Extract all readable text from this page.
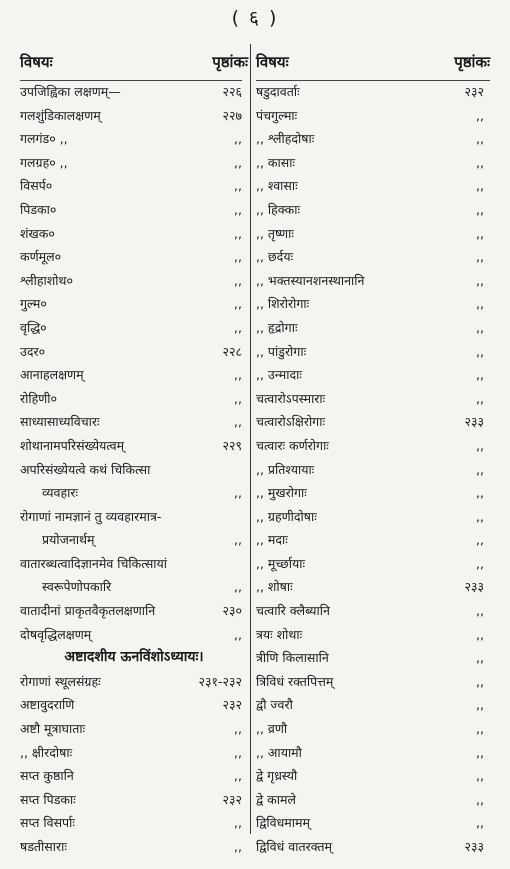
( ६ )
विषयः	पृष्ठांकः
उपजिह्विका लक्षणम्—	२२६
गलशुंडिकालक्षणम्	२२७
गलगंड० ,,	,,
गलग्रह० ,,	,,
विसर्प०	,,
पिडका०	,,
शंखक०	,,
कर्णमूल०	,,
श्लीहाशोथ०	,,
गुल्म०	,,
वृद्धि०	,,
उदर०	२२८
आनाहलक्षणम्	,,
रोहिणी०	,,
साध्यासाध्यविचारः	,,
शोथानामपरिसंख्येयत्वम्	२२९
अपरिसंख्येयत्वे कथं चिकित्सा
व्यवहारः	,,
रोगाणां नामज्ञानं तु व्यवहारमात्र-
प्रयोजनार्थम्	,,
वातारब्धत्वादिज्ञानमेव चिकित्सायां
स्वरूपेणोपकारि	,,
वातादीनां प्राकृतवैकृतलक्षणानि	२३०
दोषवृद्धिलक्षणम्	,,
अष्टादशीय ऊनविंशोऽध्यायः।
रोगाणां स्थूलसंग्रहः	२३१-२३२
अष्टावुदराणि	२३२
अष्टौ मूत्राघाताः	,,
,, क्षीरदोषाः	,,
सप्त कुष्ठानि	,,
सप्त पिडकाः	२३२
सप्त विसर्पाः	,,
षडतीसाराः	,,
विषयः	पृष्ठांकः
षडुदावर्ताः	२३२
पंचगुल्माः	,,
,, श्लीहदोषाः	,,
,, कासाः	,,
,, श्वासाः	,,
,, हिक्काः	,,
,, तृष्णाः	,,
,, छर्दयः	,,
,, भक्तस्यानशनस्थानानि	,,
,, शिरोरोगाः	,,
,, हृद्रोगाः	,,
,, पांडुरोगाः	,,
,, उन्मादाः	,,
चत्वारोऽपस्माराः	,,
चत्वारोऽक्षिरोगाः	२३३
चत्वारः कर्णरोगाः	,,
,, प्रतिश्यायाः	,,
,, मुखरोगाः	,,
,, ग्रहणीदोषाः	,,
,, मदाः	,,
,, मूर्च्छायाः	,,
,, शोषाः	२३३
चत्वारि क्लैब्यानि	,,
त्रयः शोथाः	,,
त्रीणि किलासानि	,,
त्रिविधं रक्तपित्तम्	,,
द्वौ ज्वरौ	,,
,, व्रणौ	,,
,, आयामौ	,,
द्वे गृध्रस्यौ	,,
द्वे कामले	,,
द्विविधमामम्	,,
द्विविधं वातरक्तम्	२३३
